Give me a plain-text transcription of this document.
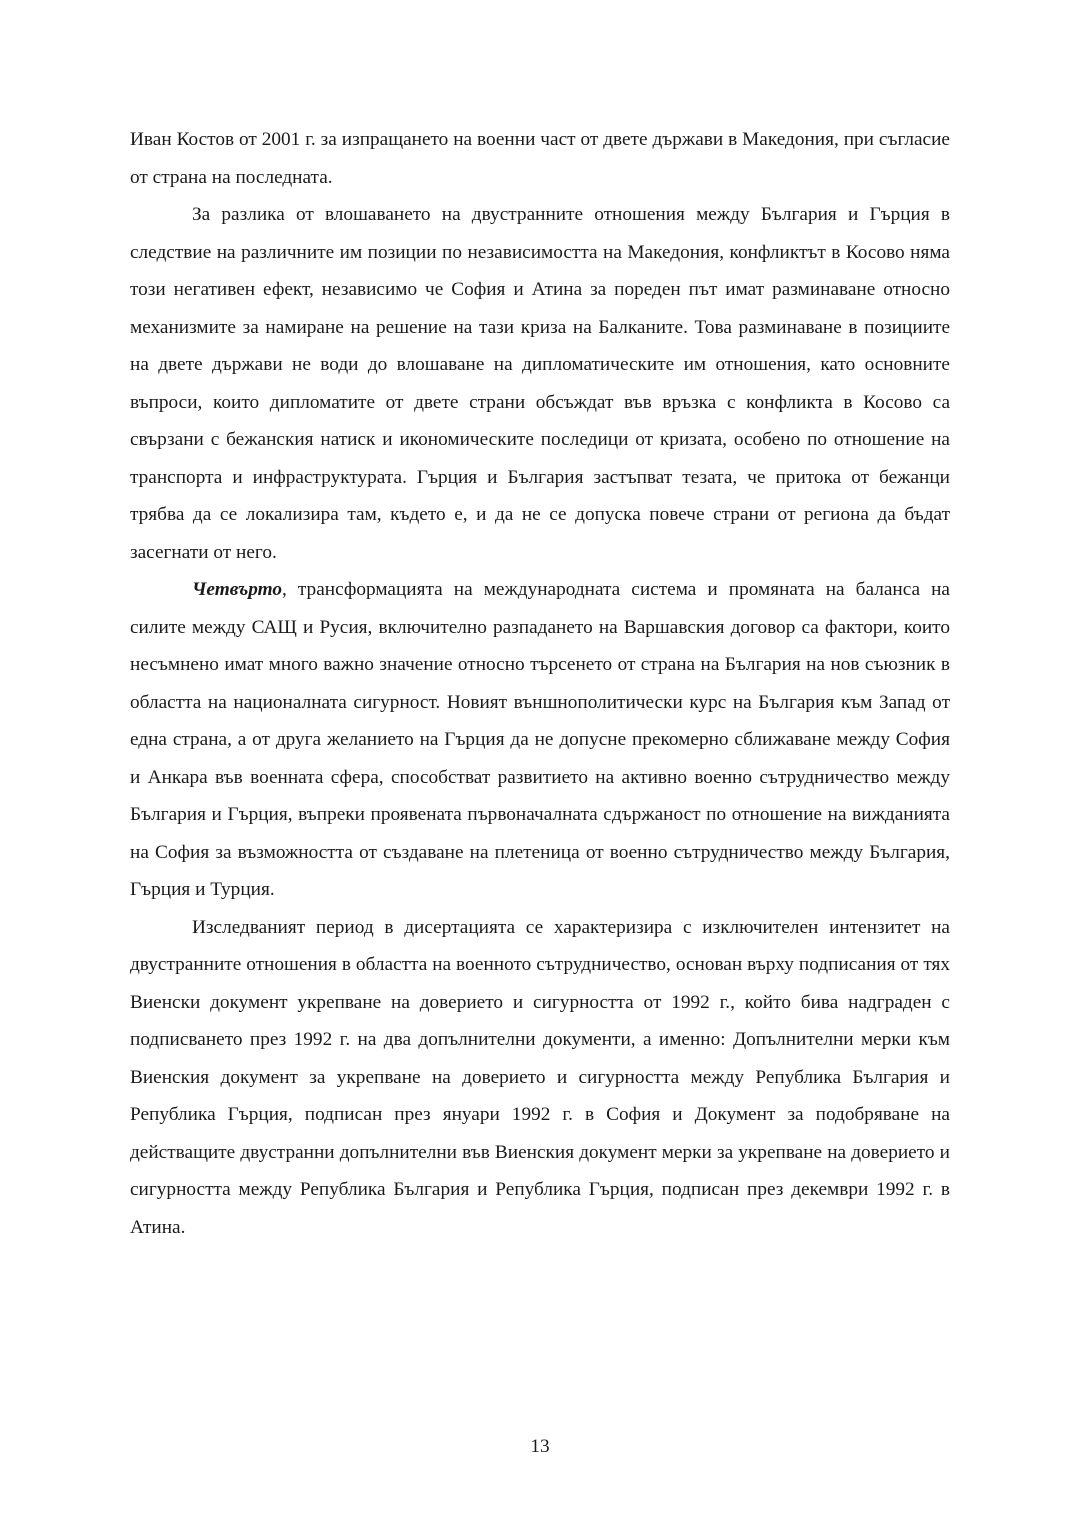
Иван Костов от 2001 г. за изпращането на военни част от двете държави в Македония, при съгласие от страна на последната.

За разлика от влошаването на двустранните отношения между България и Гърция в следствие на различните им позиции по независимостта на Македония, конфликтът в Косово няма този негативен ефект, независимо че София и Атина за пореден път имат разминаване относно механизмите за намиране на решение на тази криза на Балканите. Това разминаване в позициите на двете държави не води до влошаване на дипломатическите им отношения, като основните въпроси, които дипломатите от двете страни обсъждат във връзка с конфликта в Косово са свързани с бежанския натиск и икономическите последици от кризата, особено по отношение на транспорта и инфраструктурата. Гърция и България застъпват тезата, че притока от бежанци трябва да се локализира там, където е, и да не се допуска повече страни от региона да бъдат засегнати от него.

Четвърто, трансформацията на международната система и промяната на баланса на силите между САЩ и Русия, включително разпадането на Варшавския договор са фактори, които несъмнено имат много важно значение относно търсенето от страна на България на нов съюзник в областта на националната сигурност. Новият външнополитически курс на България към Запад от една страна, а от друга желанието на Гърция да не допусне прекомерно сближаване между София и Анкара във военната сфера, способстват развитието на активно военно сътрудничество между България и Гърция, въпреки проявената първоначалната сдържаност по отношение на вижданията на София за възможността от създаване на плетеница от военно сътрудничество между България, Гърция и Турция.

Изследваният период в дисертацията се характеризира с изключителен интензитет на двустранните отношения в областта на военното сътрудничество, основан върху подписания от тях Виенски документ укрепване на доверието и сигурността от 1992 г., който бива надграден с подписването през 1992 г. на два допълнителни документи, а именно: Допълнителни мерки към Виенския документ за укрепване на доверието и сигурността между Република България и Република Гърция, подписан през януари 1992 г. в София и Документ за подобряване на действащите двустранни допълнителни във Виенския документ мерки за укрепване на доверието и сигурността между Република България и Република Гърция, подписан през декември 1992 г. в Атина.

13
